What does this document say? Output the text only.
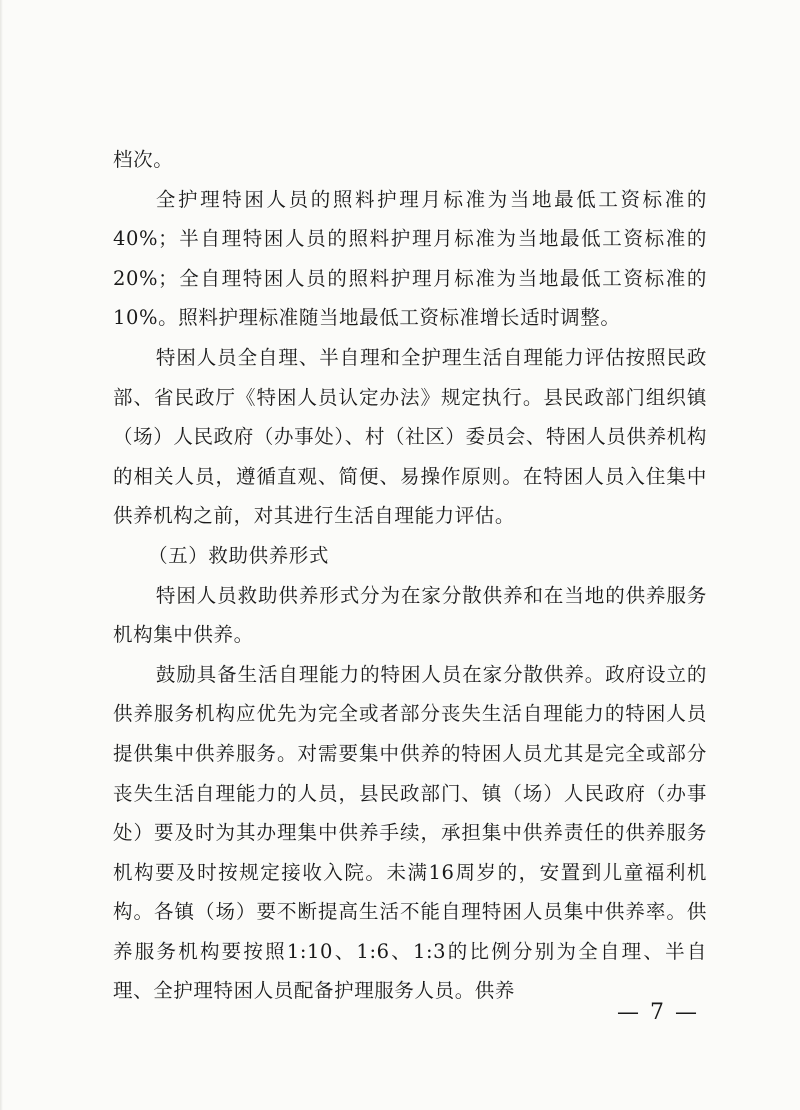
档次。

全护理特困人员的照料护理月标准为当地最低工资标准的40%；半自理特困人员的照料护理月标准为当地最低工资标准的20%；全自理特困人员的照料护理月标准为当地最低工资标准的10%。照料护理标准随当地最低工资标准增长适时调整。

特困人员全自理、半自理和全护理生活自理能力评估按照民政部、省民政厅《特困人员认定办法》规定执行。县民政部门组织镇（场）人民政府（办事处）、村（社区）委员会、特困人员供养机构的相关人员，遵循直观、简便、易操作原则。在特困人员入住集中供养机构之前，对其进行生活自理能力评估。

（五）救助供养形式

特困人员救助供养形式分为在家分散供养和在当地的供养服务机构集中供养。

鼓励具备生活自理能力的特困人员在家分散供养。政府设立的供养服务机构应优先为完全或者部分丧失生活自理能力的特困人员提供集中供养服务。对需要集中供养的特困人员尤其是完全或部分丧失生活自理能力的人员，县民政部门、镇（场）人民政府（办事处）要及时为其办理集中供养手续，承担集中供养责任的供养服务机构要及时按规定接收入院。未满16周岁的，安置到儿童福利机构。各镇（场）要不断提高生活不能自理特困人员集中供养率。供养服务机构要按照1:10、1:6、1:3的比例分别为全自理、半自理、全护理特困人员配备护理服务人员。供养

— 7 —
